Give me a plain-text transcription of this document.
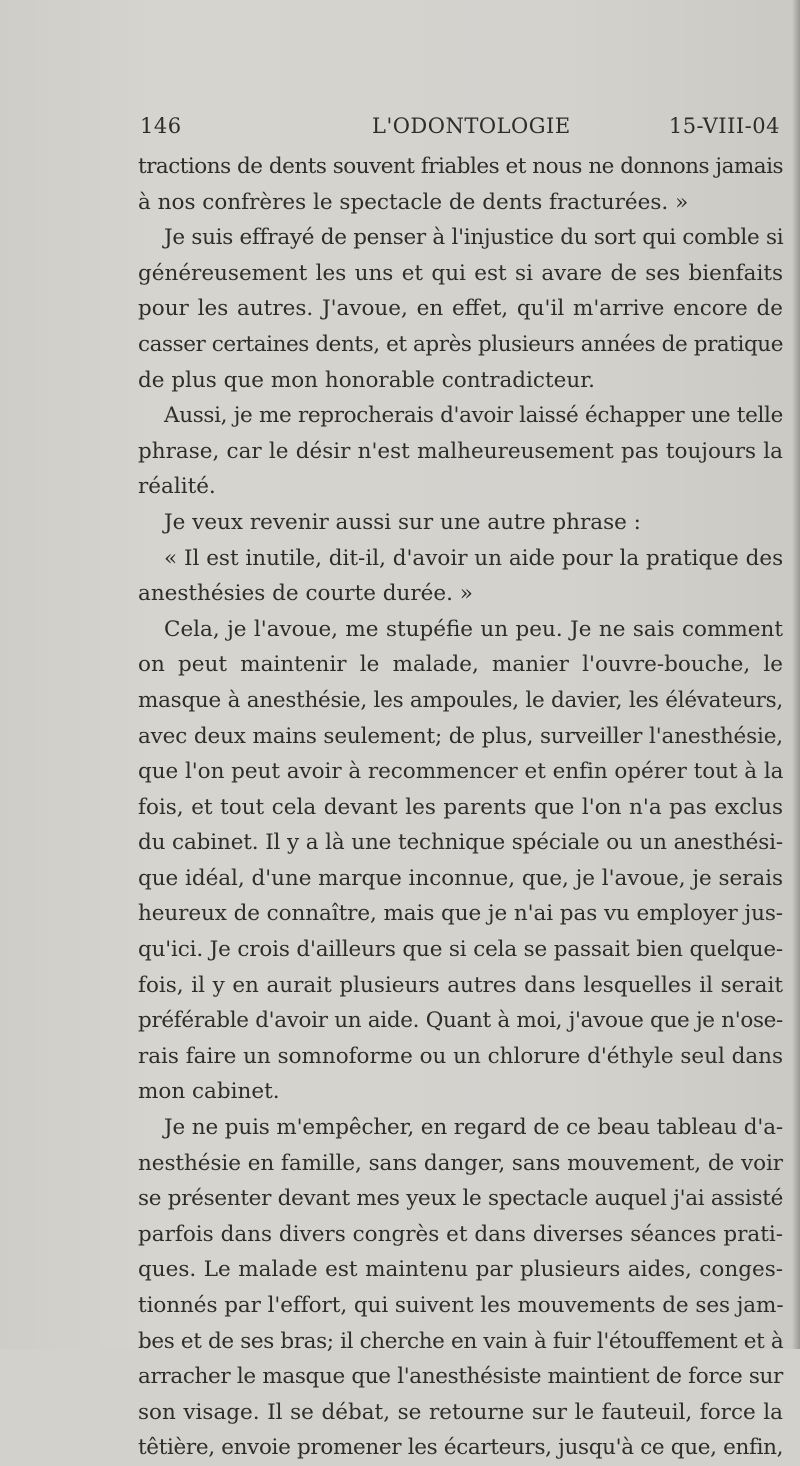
146	L'ODONTOLOGIE	15-VIII-04
tractions de dents souvent friables et nous ne donnons jamais
à nos confrères le spectacle de dents fracturées. »
Je suis effrayé de penser à l'injustice du sort qui comble si
généreusement les uns et qui est si avare de ses bienfaits
pour les autres. J'avoue, en effet, qu'il m'arrive encore de
casser certaines dents, et après plusieurs années de pratique
de plus que mon honorable contradicteur.
Aussi, je me reprocherais d'avoir laissé échapper une telle
phrase, car le désir n'est malheureusement pas toujours la
réalité.
Je veux revenir aussi sur une autre phrase :
« Il est inutile, dit-il, d'avoir un aide pour la pratique des
anesthésies de courte durée. »
Cela, je l'avoue, me stupéfie un peu. Je ne sais comment
on peut maintenir le malade, manier l'ouvre-bouche, le
masque à anesthésie, les ampoules, le davier, les élévateurs,
avec deux mains seulement; de plus, surveiller l'anesthésie,
que l'on peut avoir à recommencer et enfin opérer tout à la
fois, et tout cela devant les parents que l'on n'a pas exclus
du cabinet. Il y a là une technique spéciale ou un anesthési-
que idéal, d'une marque inconnue, que, je l'avoue, je serais
heureux de connaître, mais que je n'ai pas vu employer jus-
qu'ici. Je crois d'ailleurs que si cela se passait bien quelque-
fois, il y en aurait plusieurs autres dans lesquelles il serait
préférable d'avoir un aide. Quant à moi, j'avoue que je n'ose-
rais faire un somnoforme ou un chlorure d'éthyle seul dans
mon cabinet.
Je ne puis m'empêcher, en regard de ce beau tableau d'a-
nesthésie en famille, sans danger, sans mouvement, de voir
se présenter devant mes yeux le spectacle auquel j'ai assisté
parfois dans divers congrès et dans diverses séances prati-
ques. Le malade est maintenu par plusieurs aides, conges-
tionnés par l'effort, qui suivent les mouvements de ses jam-
bes et de ses bras; il cherche en vain à fuir l'étouffement et à
arracher le masque que l'anesthésiste maintient de force sur
son visage. Il se débat, se retourne sur le fauteuil, force la
têtière, envoie promener les écarteurs, jusqu'à ce que, enfin,
